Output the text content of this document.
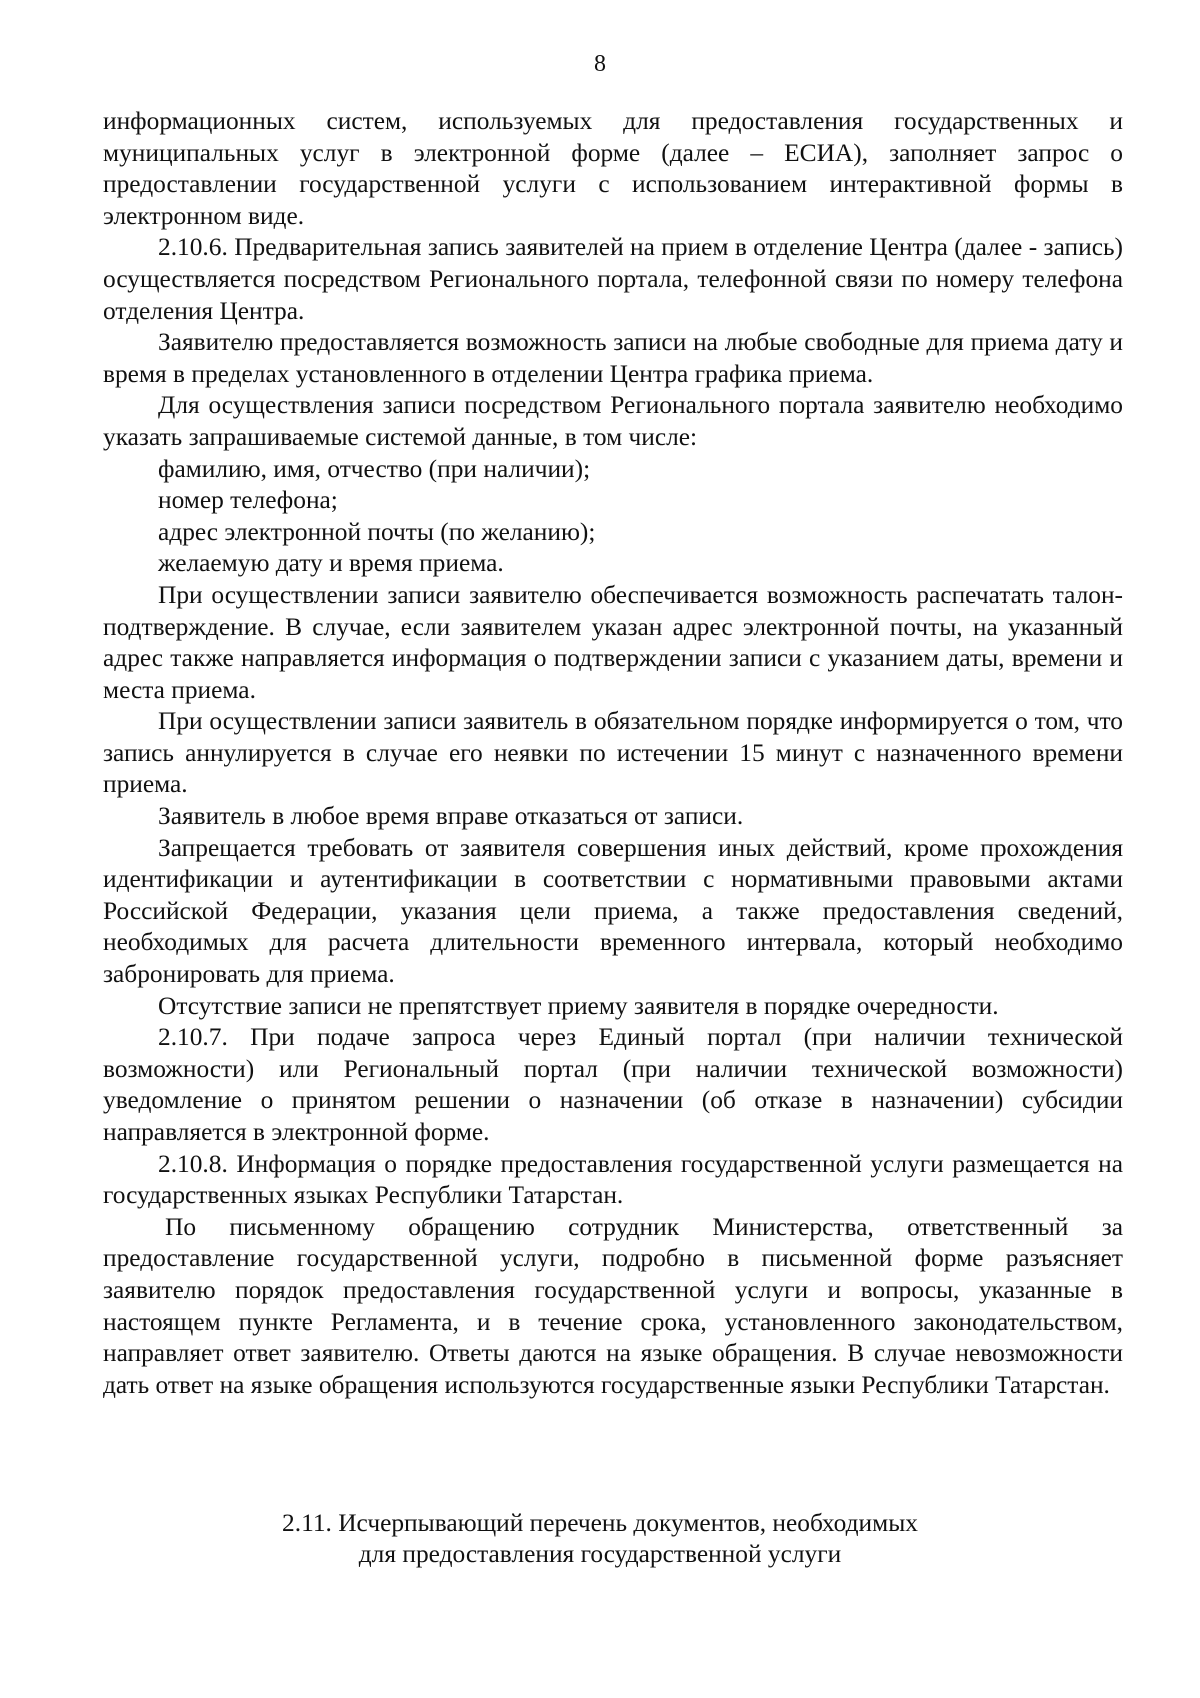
8

информационных систем, используемых для предоставления государственных и муниципальных услуг в электронной форме (далее – ЕСИА), заполняет запрос о предоставлении государственной услуги с использованием интерактивной формы в электронном виде.

2.10.6. Предварительная запись заявителей на прием в отделение Центра (далее - запись) осуществляется посредством Регионального портала, телефонной связи по номеру телефона отделения Центра.

Заявителю предоставляется возможность записи на любые свободные для приема дату и время в пределах установленного в отделении Центра графика приема.

Для осуществления записи посредством Регионального портала заявителю необходимо указать запрашиваемые системой данные, в том числе:

фамилию, имя, отчество (при наличии);

номер телефона;

адрес электронной почты (по желанию);

желаемую дату и время приема.

При осуществлении записи заявителю обеспечивается возможность распечатать талон-подтверждение. В случае, если заявителем указан адрес электронной почты, на указанный адрес также направляется информация о подтверждении записи с указанием даты, времени и места приема.

При осуществлении записи заявитель в обязательном порядке информируется о том, что запись аннулируется в случае его неявки по истечении 15 минут с назначенного времени приема.

Заявитель в любое время вправе отказаться от записи.

Запрещается требовать от заявителя совершения иных действий, кроме прохождения идентификации и аутентификации в соответствии с нормативными правовыми актами Российской Федерации, указания цели приема, а также предоставления сведений, необходимых для расчета длительности временного интервала, который необходимо забронировать для приема.

Отсутствие записи не препятствует приему заявителя в порядке очередности.

2.10.7. При подаче запроса через Единый портал (при наличии технической возможности) или Региональный портал (при наличии технической возможности) уведомление о принятом решении о назначении (об отказе в назначении) субсидии направляется в электронной форме.

2.10.8. Информация о порядке предоставления государственной услуги размещается на государственных языках Республики Татарстан.

По письменному обращению сотрудник Министерства, ответственный за предоставление государственной услуги, подробно в письменной форме разъясняет заявителю порядок предоставления государственной услуги и вопросы, указанные в настоящем пункте Регламента, и в течение срока, установленного законодательством, направляет ответ заявителю. Ответы даются на языке обращения. В случае невозможности дать ответ на языке обращения используются государственные языки Республики Татарстан.

2.11. Исчерпывающий перечень документов, необходимых
для предоставления государственной услуги
